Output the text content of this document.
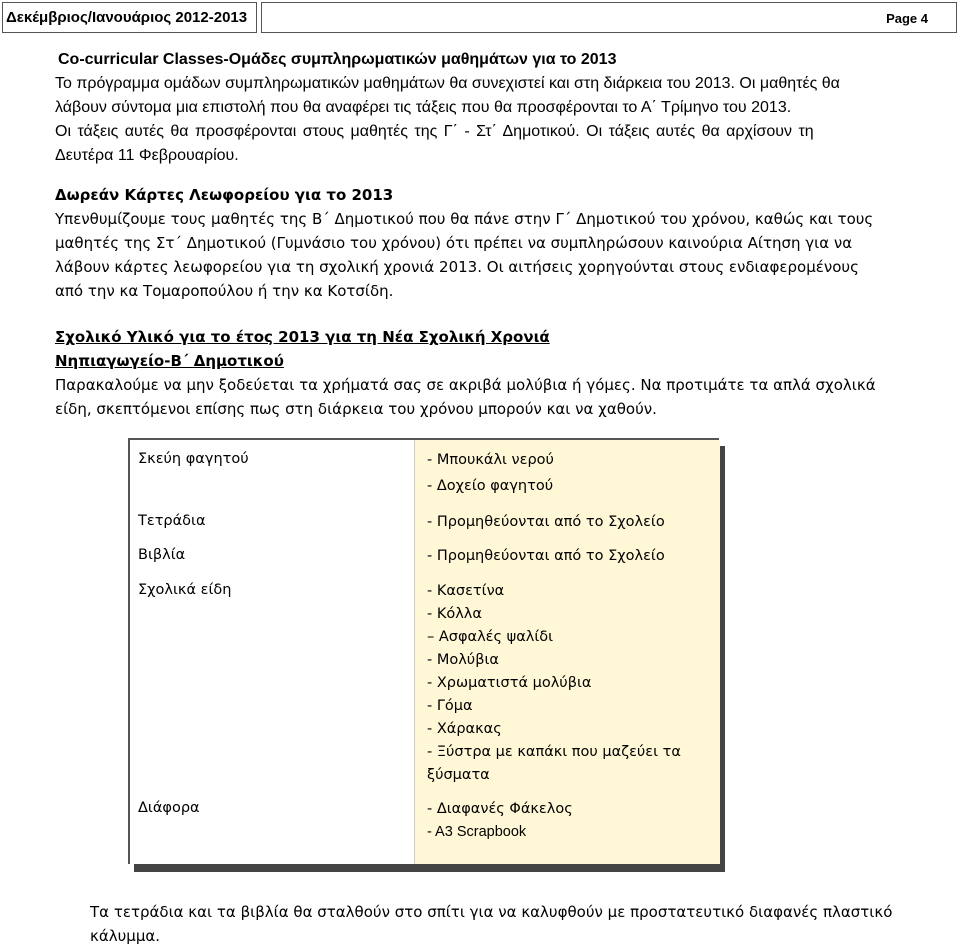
Δεκέμβριος/Ιανουάριος 2012-2013	Page 4
Co-curricular Classes-Ομάδες συμπληρωματικών μαθημάτων για το 2013
Το πρόγραμμα ομάδων συμπληρωματικών μαθημάτων θα συνεχιστεί και στη διάρκεια του 2013. Οι μαθητές θα
λάβουν σύντομα μια επιστολή που θα αναφέρει τις τάξεις που θα προσφέρονται το Α΄ Τρίμηνο του 2013.
Οι τάξεις αυτές θα προσφέρονται στους μαθητές της Γ΄ - Στ΄ Δημοτικού. Οι τάξεις αυτές θα αρχίσουν τη
Δευτέρα 11 Φεβρουαρίου.
Δωρεάν Κάρτες Λεωφορείου για το 2013
Υπενθυμίζουμε τους μαθητές της Β΄ Δημοτικού που θα πάνε στην Γ΄ Δημοτικού του χρόνου, καθώς και τους
μαθητές της Στ΄ Δημοτικού (Γυμνάσιο του χρόνου) ότι πρέπει να συμπληρώσουν καινούρια Αίτηση για να
λάβουν κάρτες λεωφορείου για τη σχολική χρονιά 2013. Οι αιτήσεις χορηγούνται στους ενδιαφερομένους
από την κα Τομαροπούλου ή την κα Κοτσίδη.
Σχολικό Υλικό για το έτος 2013 για τη Νέα Σχολική Χρονιά
Νηπιαγωγείο-Β΄ Δημοτικού
Παρακαλούμε να μην ξοδεύεται τα χρήματά σας σε ακριβά μολύβια ή γόμες. Να προτιμάτε τα απλά σχολικά
είδη, σκεπτόμενοι επίσης πως στη διάρκεια του χρόνου μπορούν και να χαθούν.
Σκεύη φαγητού
Τετράδια
Βιβλία
Σχολικά είδη
Διάφορα
- Μπουκάλι νερού
- Δοχείο φαγητού
- Προμηθεύονται από το Σχολείο
- Προμηθεύονται από το Σχολείο
- Κασετίνα
- Κόλλα
– Ασφαλές ψαλίδι
- Μολύβια
- Χρωματιστά μολύβια
- Γόμα
- Χάρακας
- Ξύστρα με καπάκι που μαζεύει τα
ξύσματα
- Διαφανές Φάκελος
- A3 Scrapbook
Τα τετράδια και τα βιβλία θα σταλθούν στο σπίτι για να καλυφθούν με προστατευτικό διαφανές πλαστικό
κάλυμμα.
